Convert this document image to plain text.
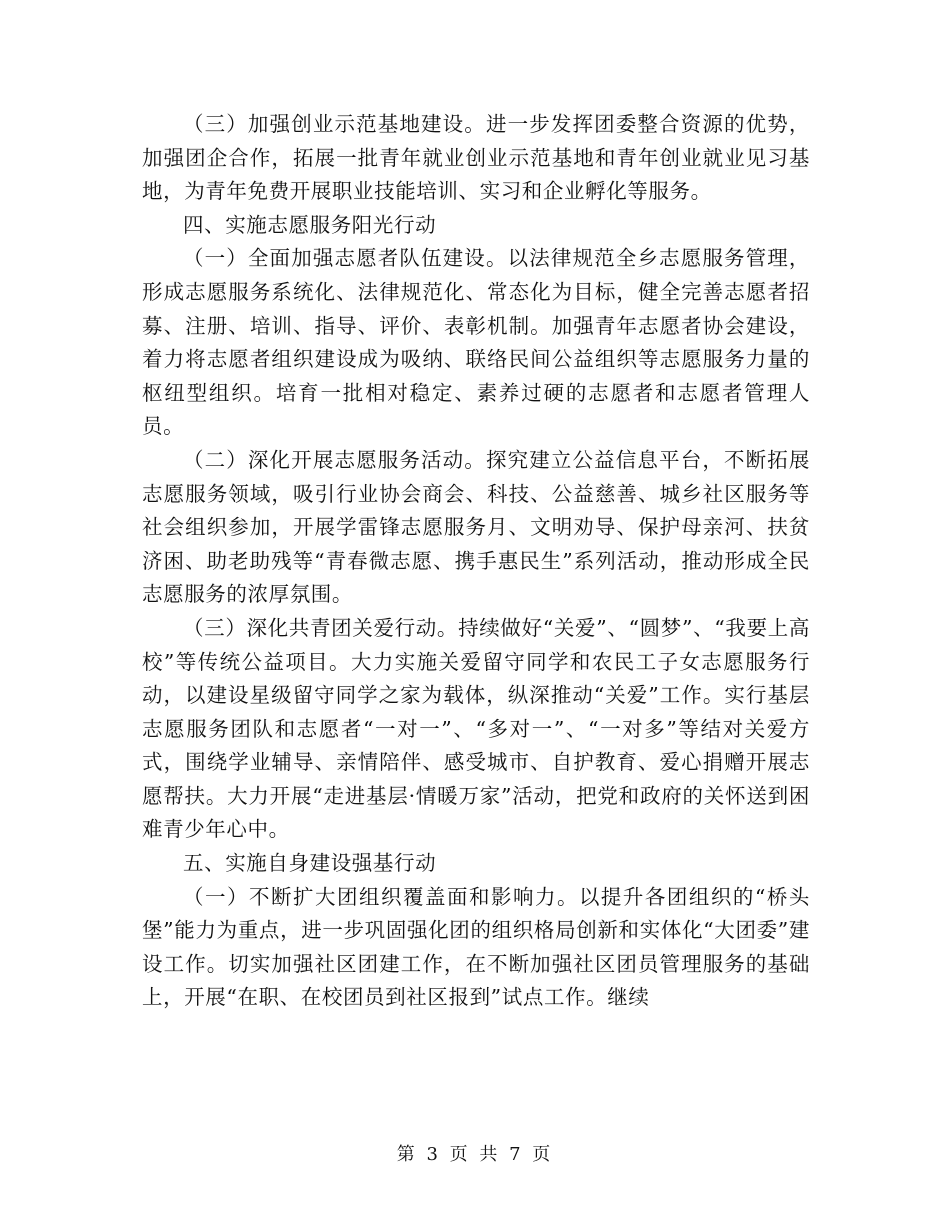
（三）加强创业示范基地建设。进一步发挥团委整合资源的优势，加强团企合作，拓展一批青年就业创业示范基地和青年创业就业见习基地，为青年免费开展职业技能培训、实习和企业孵化等服务。

四、实施志愿服务阳光行动

（一）全面加强志愿者队伍建设。以法律规范全乡志愿服务管理，形成志愿服务系统化、法律规范化、常态化为目标，健全完善志愿者招募、注册、培训、指导、评价、表彰机制。加强青年志愿者协会建设，着力将志愿者组织建设成为吸纳、联络民间公益组织等志愿服务力量的枢纽型组织。培育一批相对稳定、素养过硬的志愿者和志愿者管理人员。

（二）深化开展志愿服务活动。探究建立公益信息平台，不断拓展志愿服务领域，吸引行业协会商会、科技、公益慈善、城乡社区服务等社会组织参加，开展学雷锋志愿服务月、文明劝导、保护母亲河、扶贫济困、助老助残等“青春微志愿、携手惠民生”系列活动，推动形成全民志愿服务的浓厚氛围。

（三）深化共青团关爱行动。持续做好“关爱”、“圆梦”、“我要上高校”等传统公益项目。大力实施关爱留守同学和农民工子女志愿服务行动，以建设星级留守同学之家为载体，纵深推动“关爱”工作。实行基层志愿服务团队和志愿者“一对一”、“多对一”、“一对多”等结对关爱方式，围绕学业辅导、亲情陪伴、感受城市、自护教育、爱心捐赠开展志愿帮扶。大力开展“走进基层·情暖万家”活动，把党和政府的关怀送到困难青少年心中。

五、实施自身建设强基行动

（一）不断扩大团组织覆盖面和影响力。以提升各团组织的“桥头堡”能力为重点，进一步巩固强化团的组织格局创新和实体化“大团委”建设工作。切实加强社区团建工作，在不断加强社区团员管理服务的基础上，开展“在职、在校团员到社区报到”试点工作。继续

第 3 页 共 7 页
